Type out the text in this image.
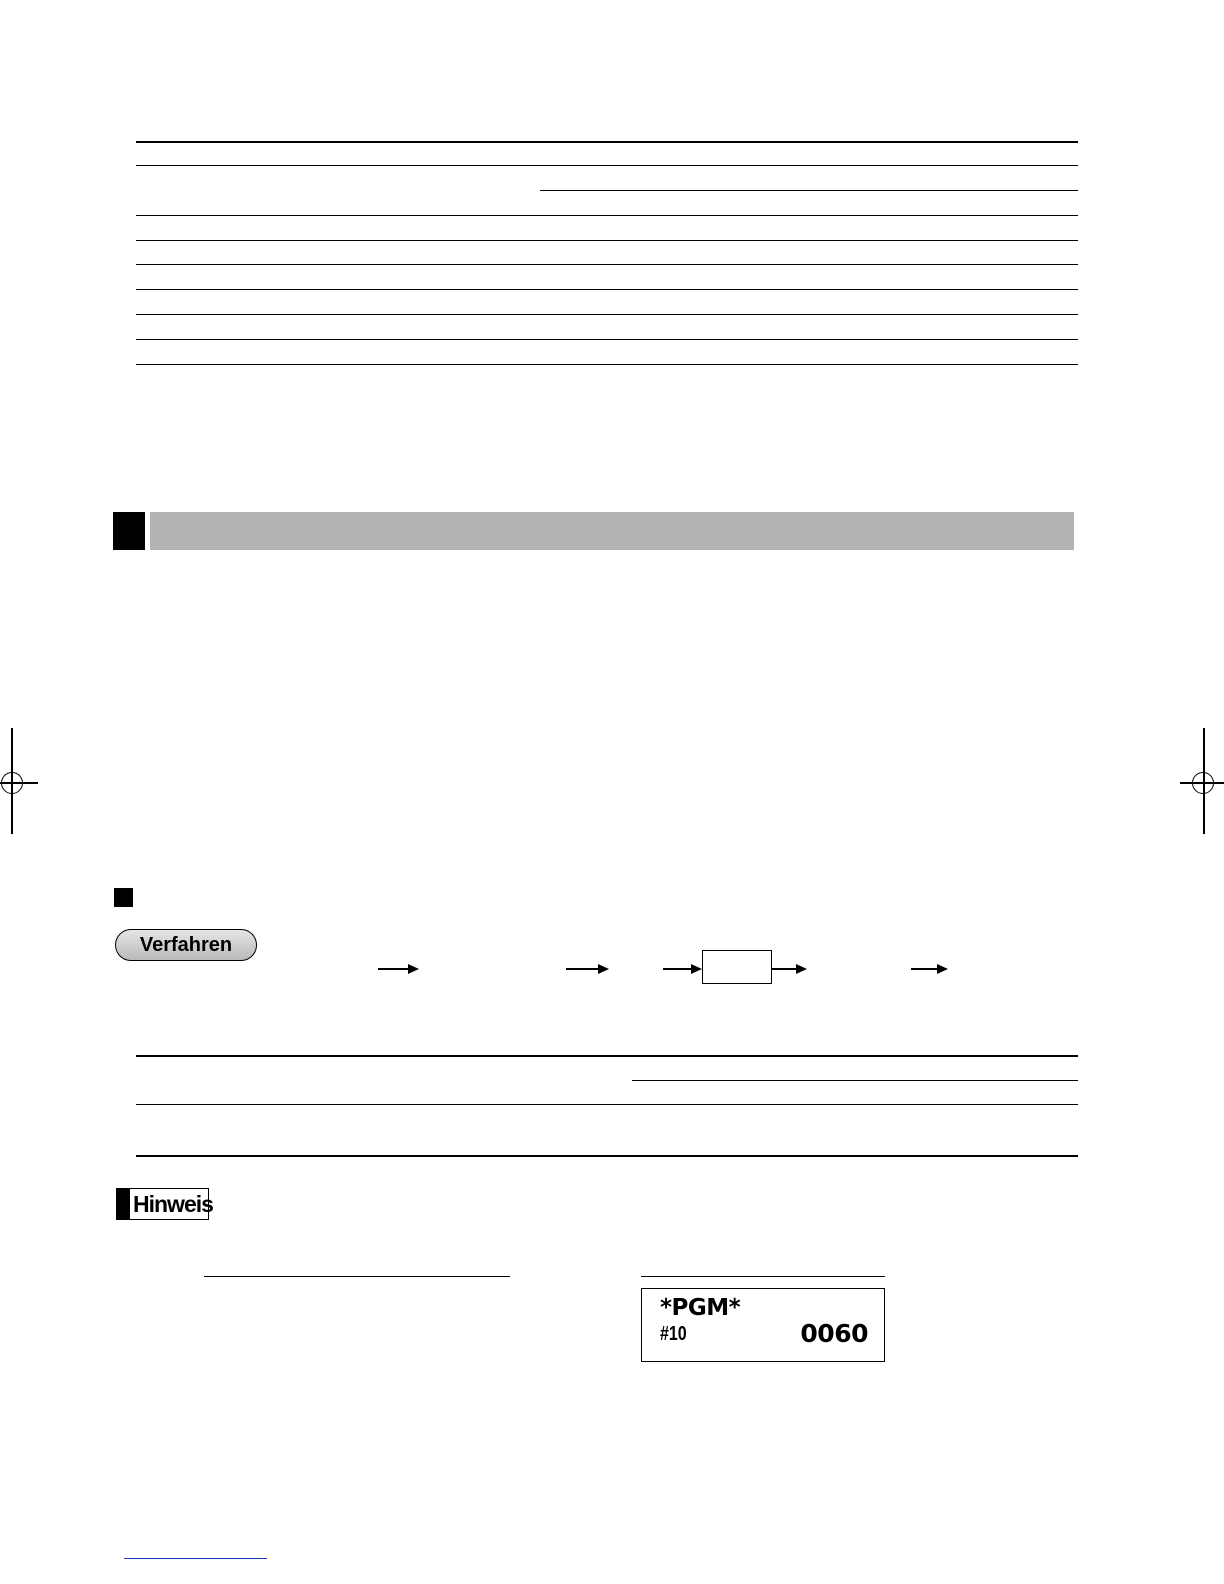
Verfahren
Hinweis
*PGM*
#10	0060
